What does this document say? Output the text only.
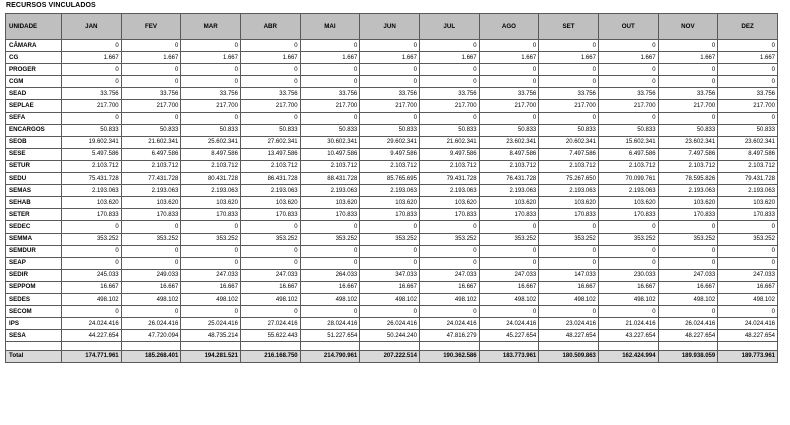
RECURSOS VINCULADOS
UNIDADE	JAN	FEV	MAR	ABR	MAI	JUN	JUL	AGO	SET	OUT	NOV	DEZ
CÂMARA	0	0	0	0	0	0	0	0	0	0	0	0
CG	1.667	1.667	1.667	1.667	1.667	1.667	1.667	1.667	1.667	1.667	1.667	1.667
PROGER	0	0	0	0	0	0	0	0	0	0	0	0
CGM	0	0	0	0	0	0	0	0	0	0	0	0
SEAD	33.756	33.756	33.756	33.756	33.756	33.756	33.756	33.756	33.756	33.756	33.756	33.756
SEPLAE	217.700	217.700	217.700	217.700	217.700	217.700	217.700	217.700	217.700	217.700	217.700	217.700
SEFA	0	0	0	0	0	0	0	0	0	0	0	0
ENCARGOS	50.833	50.833	50.833	50.833	50.833	50.833	50.833	50.833	50.833	50.833	50.833	50.833
SEOB	19.602.341	21.602.341	25.602.341	27.602.341	30.602.341	29.602.341	21.602.341	23.602.341	20.602.341	15.602.341	23.602.341	23.602.341
SESE	5.497.586	6.497.586	8.497.586	13.497.586	10.497.586	9.497.586	9.497.586	8.497.586	7.497.586	6.497.586	7.497.586	8.497.586
SETUR	2.103.712	2.103.712	2.103.712	2.103.712	2.103.712	2.103.712	2.103.712	2.103.712	2.103.712	2.103.712	2.103.712	2.103.712
SEDU	75.431.728	77.431.728	80.431.728	86.431.728	88.431.728	85.765.695	79.431.728	76.431.728	75.267.650	70.099.761	78.595.826	79.431.728
SEMAS	2.193.063	2.193.063	2.193.063	2.193.063	2.193.063	2.193.063	2.193.063	2.193.063	2.193.063	2.193.063	2.193.063	2.193.063
SEHAB	103.620	103.620	103.620	103.620	103.620	103.620	103.620	103.620	103.620	103.620	103.620	103.620
SETER	170.833	170.833	170.833	170.833	170.833	170.833	170.833	170.833	170.833	170.833	170.833	170.833
SEDEC	0	0	0	0	0	0	0	0	0	0	0	0
SEMMA	353.252	353.252	353.252	353.252	353.252	353.252	353.252	353.252	353.252	353.252	353.252	353.252
SEMDUR	0	0	0	0	0	0	0	0	0	0	0	0
SEAP	0	0	0	0	0	0	0	0	0	0	0	0
SEDIR	245.033	249.033	247.033	247.033	264.033	347.033	247.033	247.033	147.033	230.033	247.033	247.033
SEPPOM	16.667	16.667	16.667	16.667	16.667	16.667	16.667	16.667	16.667	16.667	16.667	16.667
SEDES	498.102	498.102	498.102	498.102	498.102	498.102	498.102	498.102	498.102	498.102	498.102	498.102
SECOM	0	0	0	0	0	0	0	0	0	0	0	0
IPS	24.024.416	26.024.416	25.024.416	27.024.416	28.024.416	26.024.416	24.024.416	24.024.416	23.024.416	21.024.416	26.024.416	24.024.416
SESA	44.227.654	47.720.094	48.735.214	55.622.443	51.227.654	50.244.240	47.816.279	45.227.654	48.227.654	43.227.654	48.227.654	48.227.654

Total	174.771.961	185.268.401	194.281.521	216.168.750	214.790.961	207.222.514	190.362.586	183.773.961	180.509.863	162.424.994	189.938.059	189.773.961
